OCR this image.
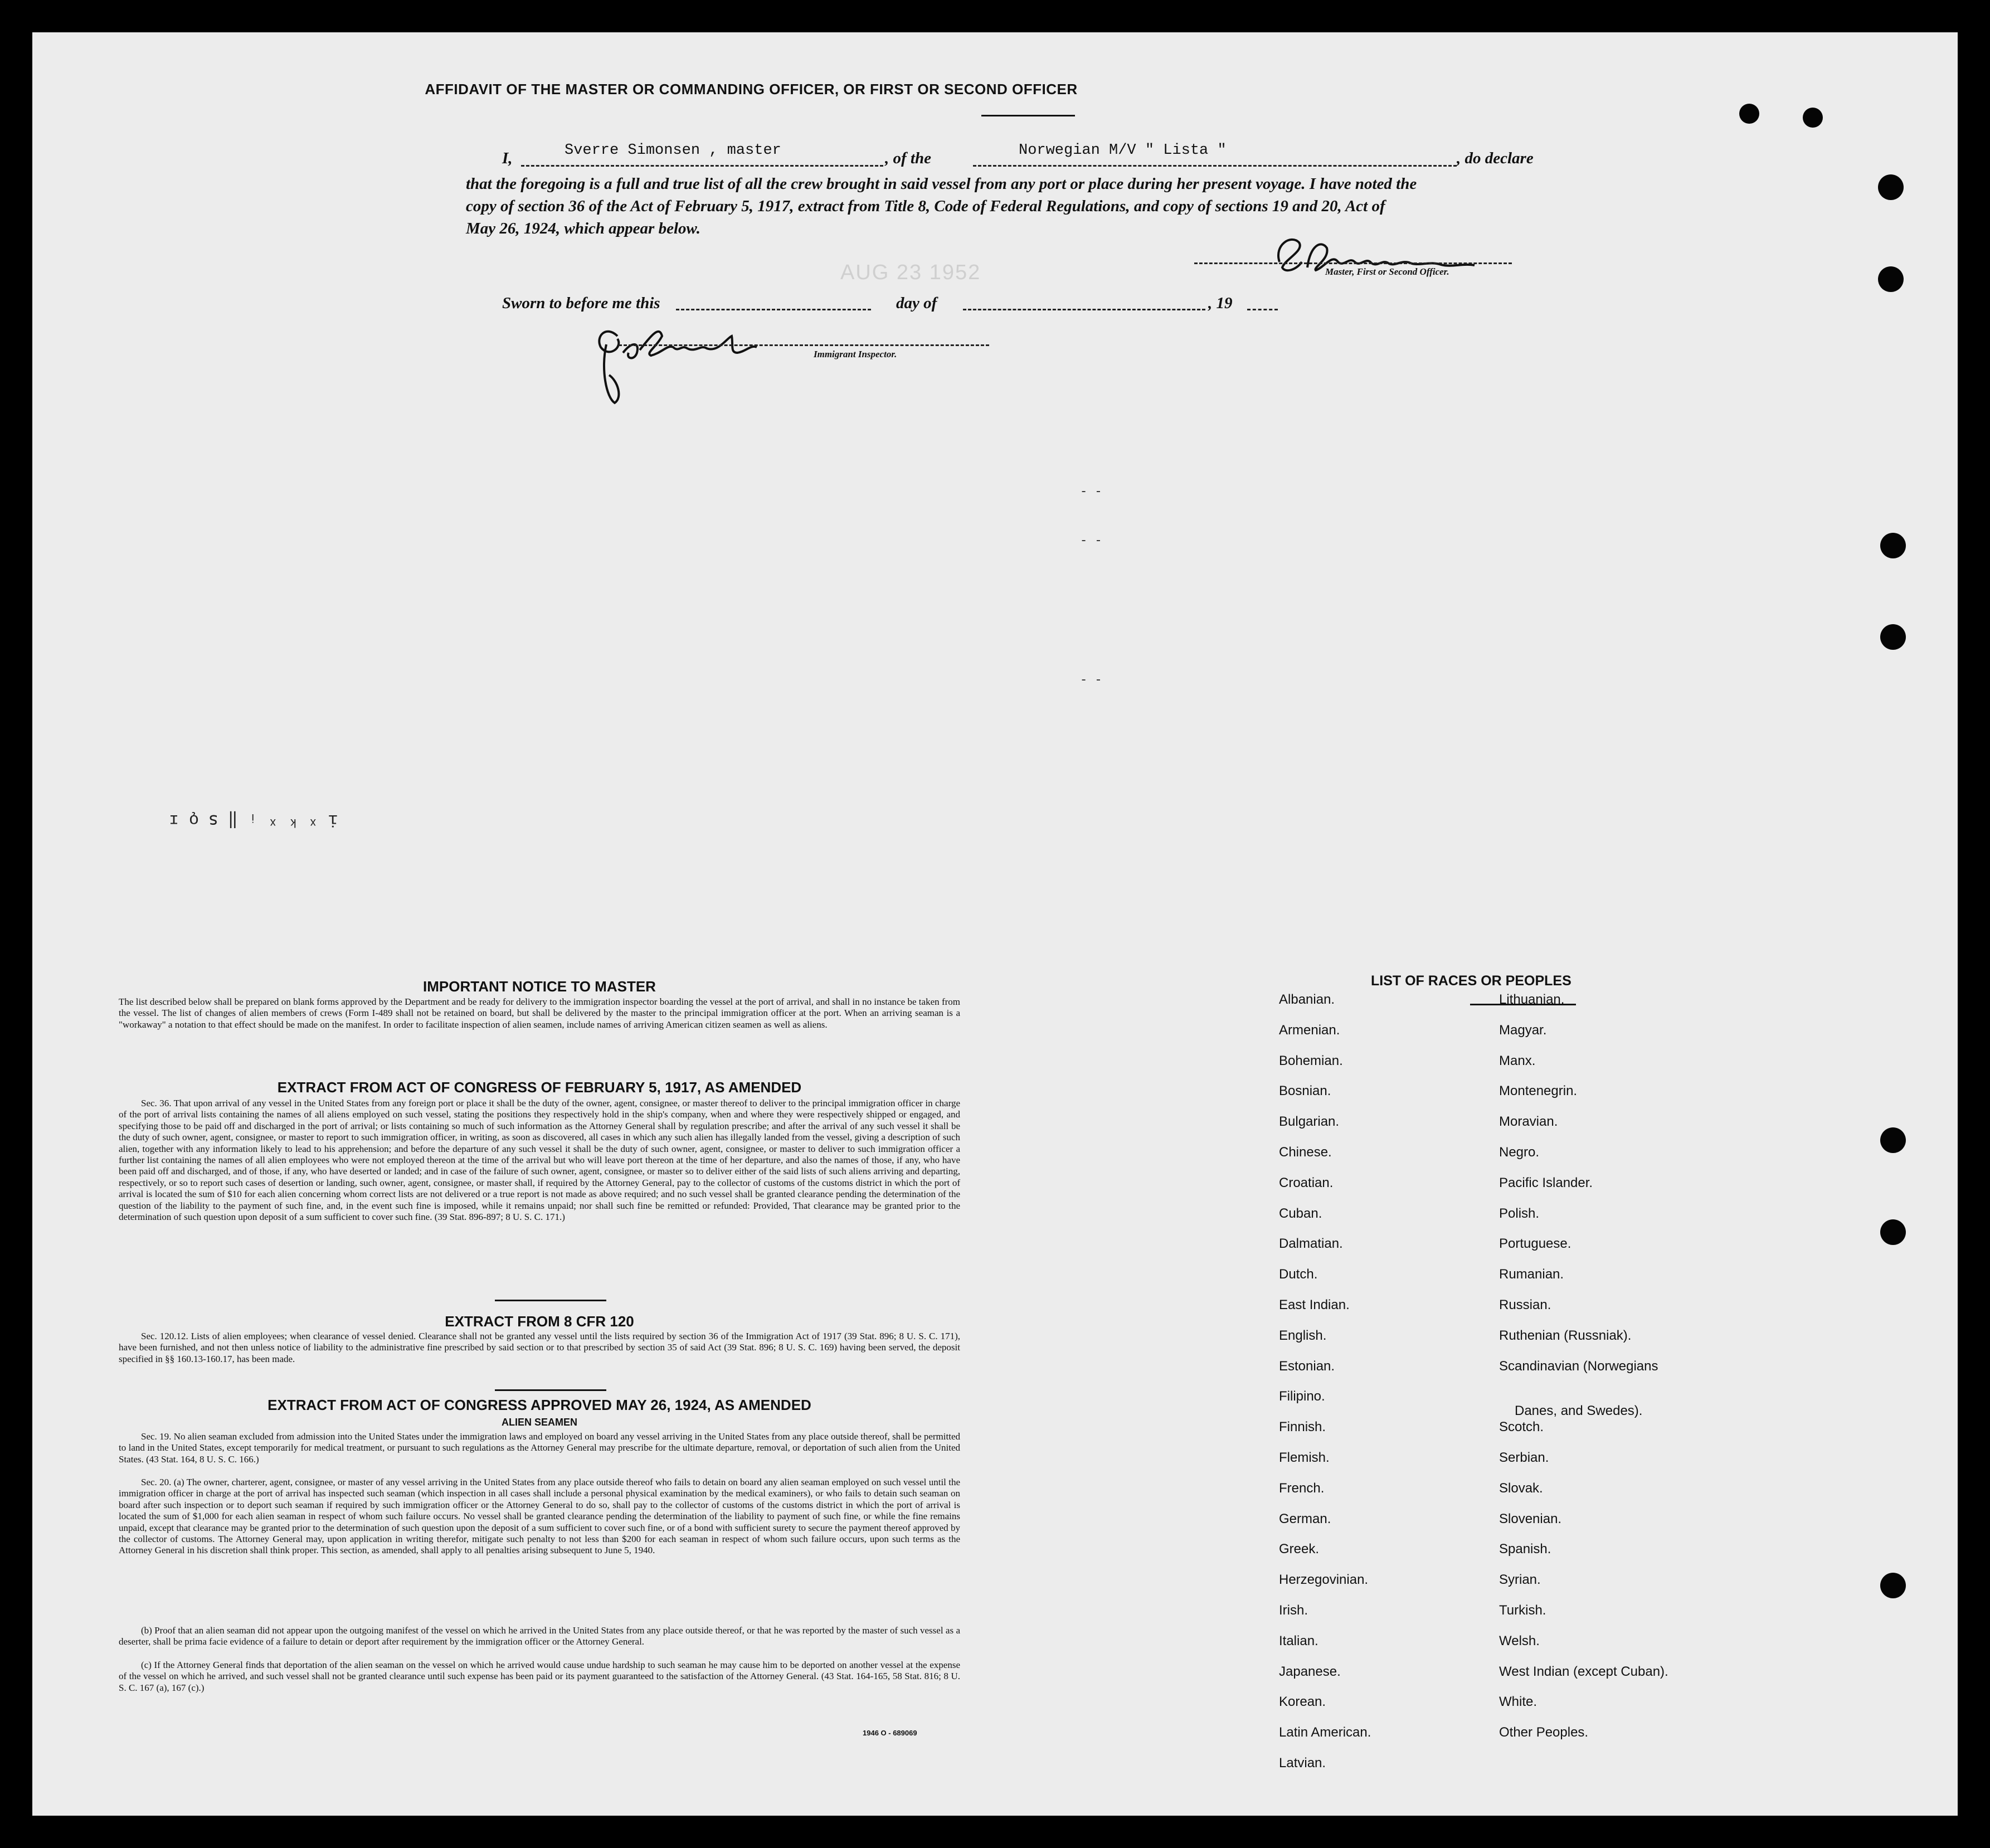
AFFIDAVIT OF THE MASTER OR COMMANDING OFFICER, OR FIRST OR SECOND OFFICER
I,	Sverre Simonsen , master	, of the	Norwegian M/V " Lista "	, do declare
that the foregoing is a full and true list of all the crew brought in said vessel from any port or place during her present voyage. I have noted the
copy of section 36 of the Act of February 5, 1917, extract from Title 8, Code of Federal Regulations, and copy of sections 19 and 20, Act of
May 26, 1924, which appear below.
Master, First or Second Officer.
AUG 23 1952
Sworn to before me this	day of	, 19
Immigrant Inspector.
- -
- -
- -
i ˣ ᵏ ˣ ᵢ ‖ ꜱ ǫ ɪ
IMPORTANT NOTICE TO MASTER
The list described below shall be prepared on blank forms approved by the Department and be ready for delivery to the immigration inspector boarding the vessel at the port of arrival, and shall in no instance be taken from the vessel. The list of changes of alien members of crews (Form I-489 shall not be retained on board, but shall be delivered by the master to the principal immigration officer at the port. When an arriving seaman is a "workaway" a notation to that effect should be made on the manifest. In order to facilitate inspection of alien seamen, include names of arriving American citizen seamen as well as aliens.
EXTRACT FROM ACT OF CONGRESS OF FEBRUARY 5, 1917, AS AMENDED
Sec. 36. That upon arrival of any vessel in the United States from any foreign port or place it shall be the duty of the owner, agent, consignee, or master thereof to deliver to the principal immigration officer in charge of the port of arrival lists containing the names of all aliens employed on such vessel, stating the positions they respectively hold in the ship's company, when and where they were respectively shipped or engaged, and specifying those to be paid off and discharged in the port of arrival; or lists containing so much of such information as the Attorney General shall by regulation prescribe; and after the arrival of any such vessel it shall be the duty of such owner, agent, consignee, or master to report to such immigration officer, in writing, as soon as discovered, all cases in which any such alien has illegally landed from the vessel, giving a description of such alien, together with any information likely to lead to his apprehension; and before the departure of any such vessel it shall be the duty of such owner, agent, consignee, or master to deliver to such immigration officer a further list containing the names of all alien employees who were not employed thereon at the time of the arrival but who will leave port thereon at the time of her departure, and also the names of those, if any, who have been paid off and discharged, and of those, if any, who have deserted or landed; and in case of the failure of such owner, agent, consignee, or master so to deliver either of the said lists of such aliens arriving and departing, respectively, or so to report such cases of desertion or landing, such owner, agent, consignee, or master shall, if required by the Attorney General, pay to the collector of customs of the customs district in which the port of arrival is located the sum of $10 for each alien concerning whom correct lists are not delivered or a true report is not made as above required; and no such vessel shall be granted clearance pending the determination of the question of the liability to the payment of such fine, and, in the event such fine is imposed, while it remains unpaid; nor shall such fine be remitted or refunded: Provided, That clearance may be granted prior to the determination of such question upon deposit of a sum sufficient to cover such fine. (39 Stat. 896-897; 8 U. S. C. 171.)
EXTRACT FROM 8 CFR 120
Sec. 120.12. Lists of alien employees; when clearance of vessel denied. Clearance shall not be granted any vessel until the lists required by section 36 of the Immigration Act of 1917 (39 Stat. 896; 8 U. S. C. 171), have been furnished, and not then unless notice of liability to the administrative fine prescribed by said section or to that prescribed by section 35 of said Act (39 Stat. 896; 8 U. S. C. 169) having been served, the deposit specified in §§ 160.13-160.17, has been made.
EXTRACT FROM ACT OF CONGRESS APPROVED MAY 26, 1924, AS AMENDED
ALIEN SEAMEN
Sec. 19. No alien seaman excluded from admission into the United States under the immigration laws and employed on board any vessel arriving in the United States from any place outside thereof, shall be permitted to land in the United States, except temporarily for medical treatment, or pursuant to such regulations as the Attorney General may prescribe for the ultimate departure, removal, or deportation of such alien from the United States. (43 Stat. 164, 8 U. S. C. 166.)
Sec. 20. (a) The owner, charterer, agent, consignee, or master of any vessel arriving in the United States from any place outside thereof who fails to detain on board any alien seaman employed on such vessel until the immigration officer in charge at the port of arrival has inspected such seaman (which inspection in all cases shall include a personal physical examination by the medical examiners), or who fails to detain such seaman on board after such inspection or to deport such seaman if required by such immigration officer or the Attorney General to do so, shall pay to the collector of customs of the customs district in which the port of arrival is located the sum of $1,000 for each alien seaman in respect of whom such failure occurs. No vessel shall be granted clearance pending the determination of the liability to payment of such fine, or while the fine remains unpaid, except that clearance may be granted prior to the determination of such question upon the deposit of a sum sufficient to cover such fine, or of a bond with sufficient surety to secure the payment thereof approved by the collector of customs. The Attorney General may, upon application in writing therefor, mitigate such penalty to not less than $200 for each seaman in respect of whom such failure occurs, upon such terms as the Attorney General in his discretion shall think proper. This section, as amended, shall apply to all penalties arising subsequent to June 5, 1940.
(b) Proof that an alien seaman did not appear upon the outgoing manifest of the vessel on which he arrived in the United States from any place outside thereof, or that he was reported by the master of such vessel as a deserter, shall be prima facie evidence of a failure to detain or deport after requirement by the immigration officer or the Attorney General.
(c) If the Attorney General finds that deportation of the alien seaman on the vessel on which he arrived would cause undue hardship to such seaman he may cause him to be deported on another vessel at the expense of the vessel on which he arrived, and such vessel shall not be granted clearance until such expense has been paid or its payment guaranteed to the satisfaction of the Attorney General. (43 Stat. 164-165, 58 Stat. 816; 8 U. S. C. 167 (a), 167 (c).)
1946 O - 689069
LIST OF RACES OR PEOPLES
Albanian.
Armenian.
Bohemian.
Bosnian.
Bulgarian.
Chinese.
Croatian.
Cuban.
Dalmatian.
Dutch.
East Indian.
English.
Estonian.
Filipino.
Finnish.
Flemish.
French.
German.
Greek.
Herzegovinian.
Irish.
Italian.
Japanese.
Korean.
Latin American.
Latvian.
Lithuanian.
Magyar.
Manx.
Montenegrin.
Moravian.
Negro.
Pacific Islander.
Polish.
Portuguese.
Rumanian.
Russian.
Ruthenian (Russniak).
Scandinavian (Norwegians
Danes, and Swedes).
Scotch.
Serbian.
Slovak.
Slovenian.
Spanish.
Syrian.
Turkish.
Welsh.
West Indian (except Cuban).
White.
Other Peoples.
